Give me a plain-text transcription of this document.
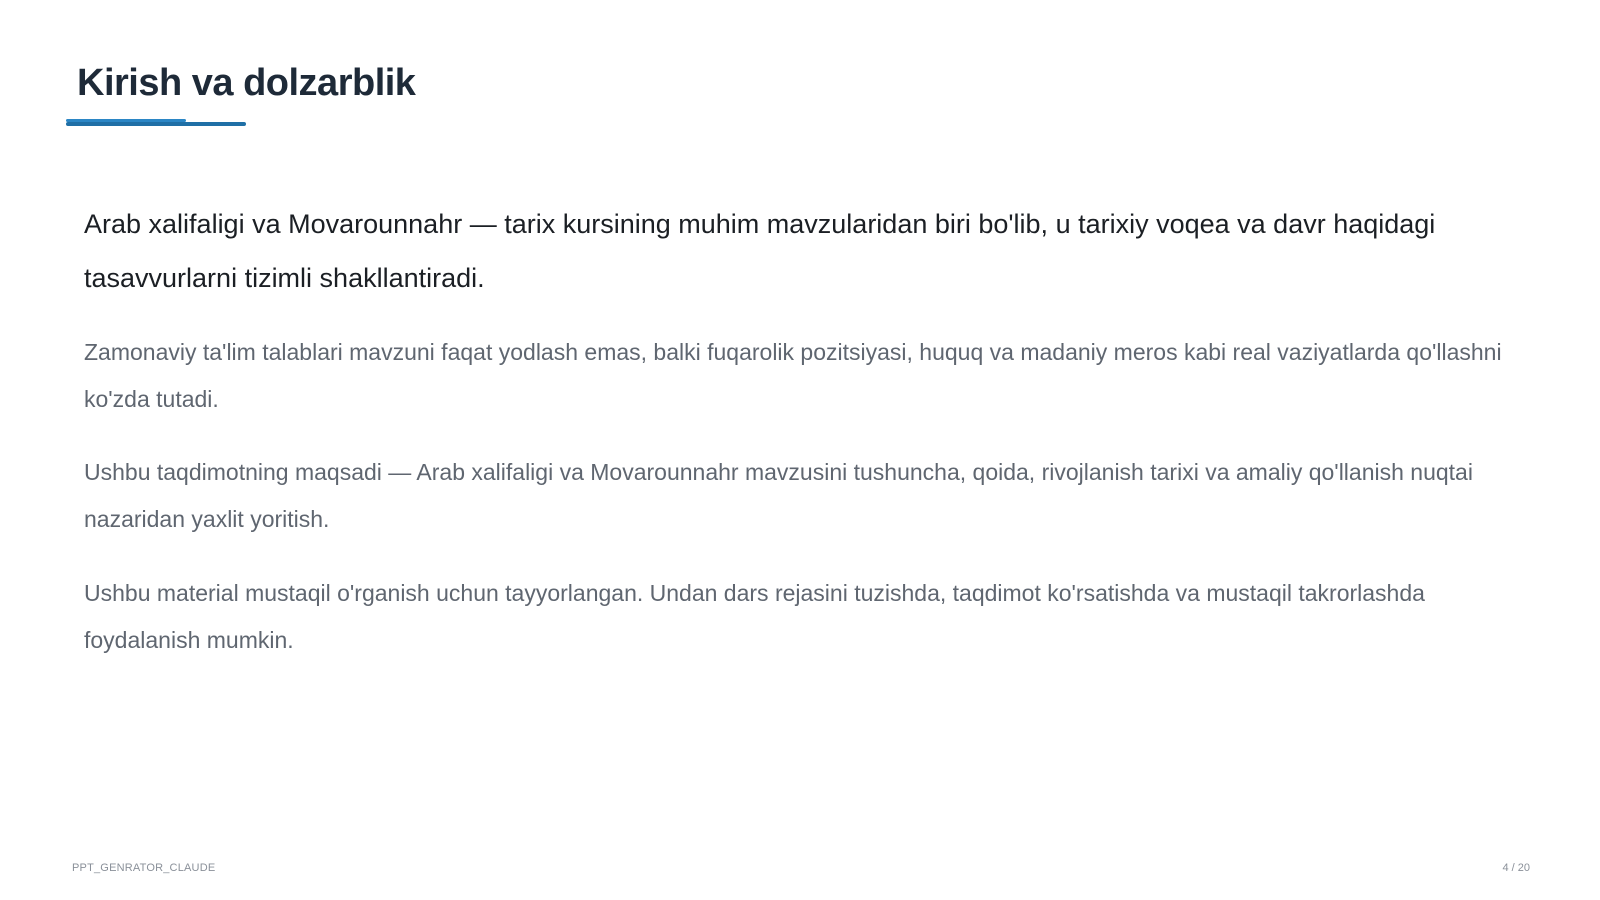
Kirish va dolzarblik

Arab xalifaligi va Movarounnahr — tarix kursining muhim mavzularidan biri bo'lib, u tarixiy voqea va davr haqidagi tasavvurlarni tizimli shakllantiradi.

Zamonaviy ta'lim talablari mavzuni faqat yodlash emas, balki fuqarolik pozitsiyasi, huquq va madaniy meros kabi real vaziyatlarda qo'llashni ko'zda tutadi.

Ushbu taqdimotning maqsadi — Arab xalifaligi va Movarounnahr mavzusini tushuncha, qoida, rivojlanish tarixi va amaliy qo'llanish nuqtai nazaridan yaxlit yoritish.

Ushbu material mustaqil o'rganish uchun tayyorlangan. Undan dars rejasini tuzishda, taqdimot ko'rsatishda va mustaqil takrorlashda foydalanish mumkin.

PPT_GENRATOR_CLAUDE	4 / 20
